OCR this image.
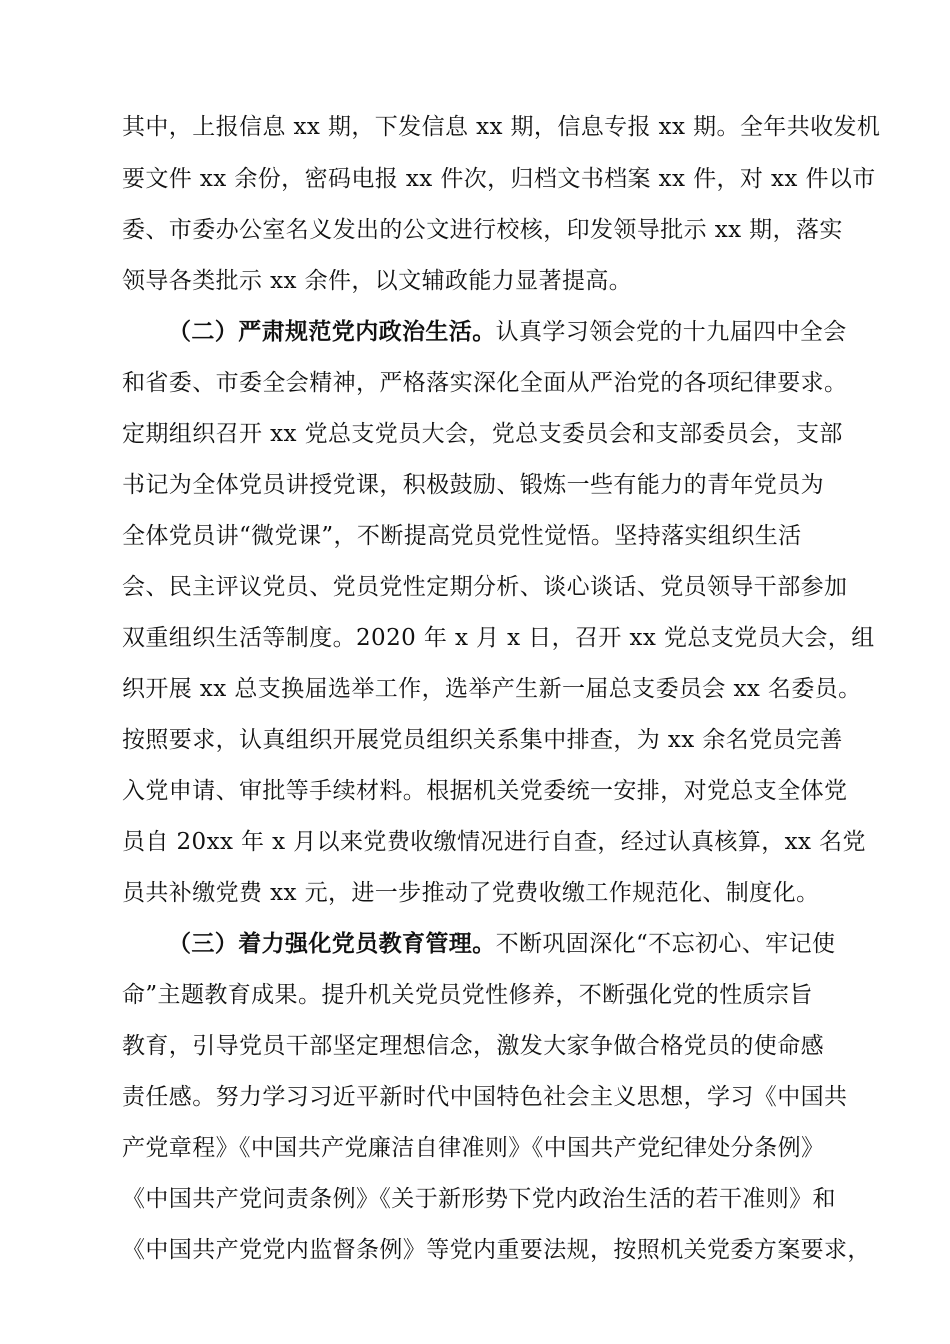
其中，上报信息 xx 期，下发信息 xx 期，信息专报 xx 期。全年共收发机
要文件 xx 余份，密码电报 xx 件次，归档文书档案 xx 件，对 xx 件以市
委、市委办公室名义发出的公文进行校核，印发领导批示 xx 期，落实
领导各类批示 xx 余件，以文辅政能力显著提高。
（二）严肃规范党内政治生活。认真学习领会党的十九届四中全会
和省委、市委全会精神，严格落实深化全面从严治党的各项纪律要求。
定期组织召开 xx 党总支党员大会，党总支委员会和支部委员会，支部
书记为全体党员讲授党课，积极鼓励、锻炼一些有能力的青年党员为
全体党员讲“微党课”，不断提高党员党性觉悟。坚持落实组织生活
会、民主评议党员、党员党性定期分析、谈心谈话、党员领导干部参加
双重组织生活等制度。2020 年 x 月 x 日，召开 xx 党总支党员大会，组
织开展 xx 总支换届选举工作，选举产生新一届总支委员会 xx 名委员。
按照要求，认真组织开展党员组织关系集中排查，为 xx 余名党员完善
入党申请、审批等手续材料。根据机关党委统一安排，对党总支全体党
员自 20xx 年 x 月以来党费收缴情况进行自查，经过认真核算，xx 名党
员共补缴党费 xx 元，进一步推动了党费收缴工作规范化、制度化。
（三）着力强化党员教育管理。不断巩固深化“不忘初心、牢记使
命”主题教育成果。提升机关党员党性修养，不断强化党的性质宗旨
教育，引导党员干部坚定理想信念，激发大家争做合格党员的使命感
责任感。努力学习习近平新时代中国特色社会主义思想，学习《中国共
产党章程》《中国共产党廉洁自律准则》《中国共产党纪律处分条例》
《中国共产党问责条例》《关于新形势下党内政治生活的若干准则》和
《中国共产党党内监督条例》等党内重要法规，按照机关党委方案要求，
